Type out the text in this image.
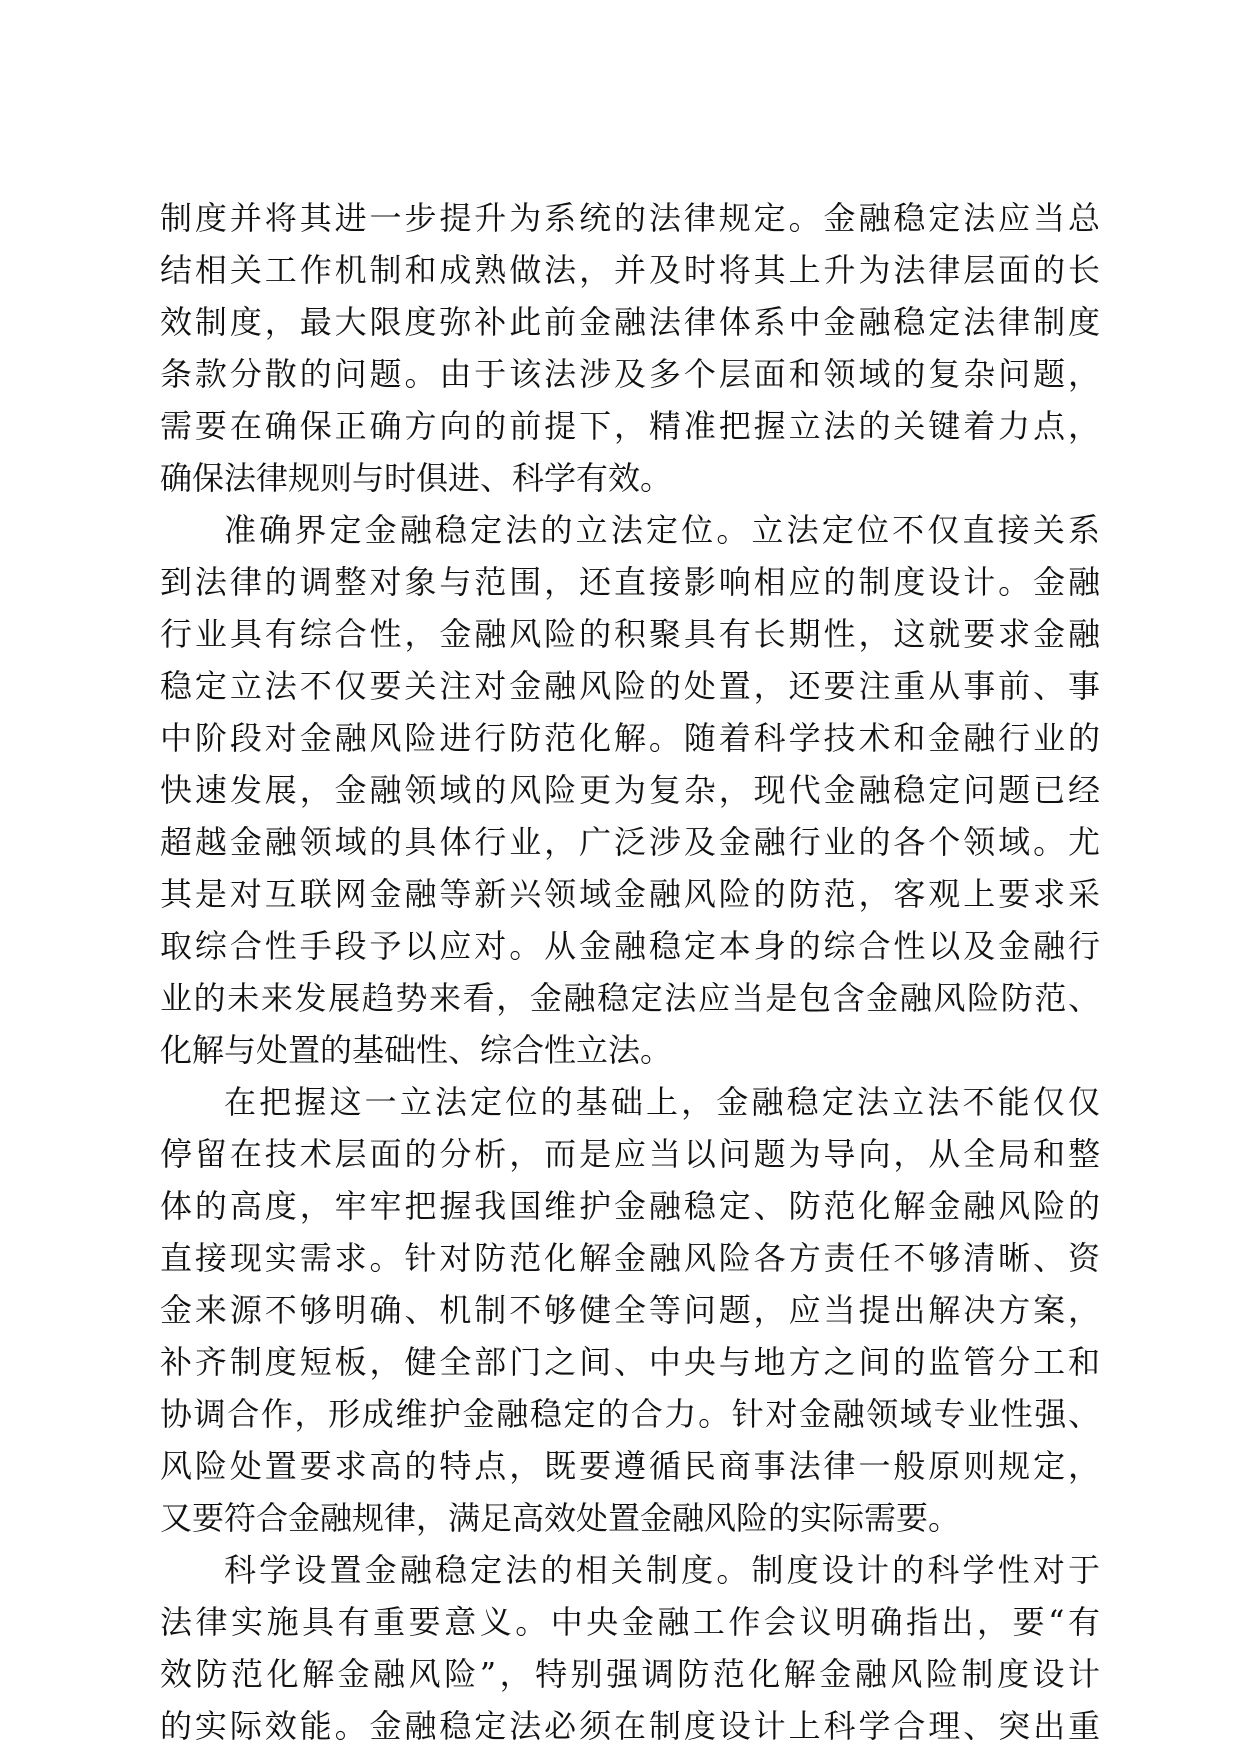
制度并将其进一步提升为系统的法律规定。金融稳定法应当总
结相关工作机制和成熟做法，并及时将其上升为法律层面的长
效制度，最大限度弥补此前金融法律体系中金融稳定法律制度
条款分散的问题。由于该法涉及多个层面和领域的复杂问题，
需要在确保正确方向的前提下，精准把握立法的关键着力点，
确保法律规则与时俱进、科学有效。
准确界定金融稳定法的立法定位。立法定位不仅直接关系
到法律的调整对象与范围，还直接影响相应的制度设计。金融
行业具有综合性，金融风险的积聚具有长期性，这就要求金融
稳定立法不仅要关注对金融风险的处置，还要注重从事前、事
中阶段对金融风险进行防范化解。随着科学技术和金融行业的
快速发展，金融领域的风险更为复杂，现代金融稳定问题已经
超越金融领域的具体行业，广泛涉及金融行业的各个领域。尤
其是对互联网金融等新兴领域金融风险的防范，客观上要求采
取综合性手段予以应对。从金融稳定本身的综合性以及金融行
业的未来发展趋势来看，金融稳定法应当是包含金融风险防范、
化解与处置的基础性、综合性立法。
在把握这一立法定位的基础上，金融稳定法立法不能仅仅
停留在技术层面的分析，而是应当以问题为导向，从全局和整
体的高度，牢牢把握我国维护金融稳定、防范化解金融风险的
直接现实需求。针对防范化解金融风险各方责任不够清晰、资
金来源不够明确、机制不够健全等问题，应当提出解决方案，
补齐制度短板，健全部门之间、中央与地方之间的监管分工和
协调合作，形成维护金融稳定的合力。针对金融领域专业性强、
风险处置要求高的特点，既要遵循民商事法律一般原则规定，
又要符合金融规律，满足高效处置金融风险的实际需要。
科学设置金融稳定法的相关制度。制度设计的科学性对于
法律实施具有重要意义。中央金融工作会议明确指出，要“有
效防范化解金融风险”，特别强调防范化解金融风险制度设计
的实际效能。金融稳定法必须在制度设计上科学合理、突出重
